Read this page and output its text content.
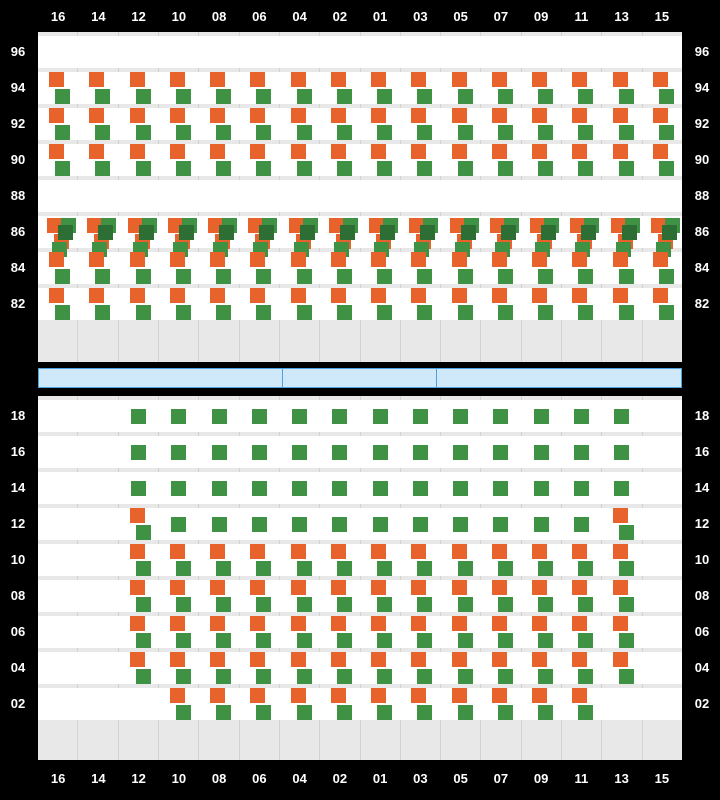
16	14	12	10	08	06	04	02	01	03	05	07	09	11	13	15
96
94
92
90
88
86
84
82
96
94
92
90
88
86
84
82
18
16
14
12
10
08
06
04
02
18
16
14
12
10
08
06
04
02
16	14	12	10	08	06	04	02	01	03	05	07	09	11	13	15
